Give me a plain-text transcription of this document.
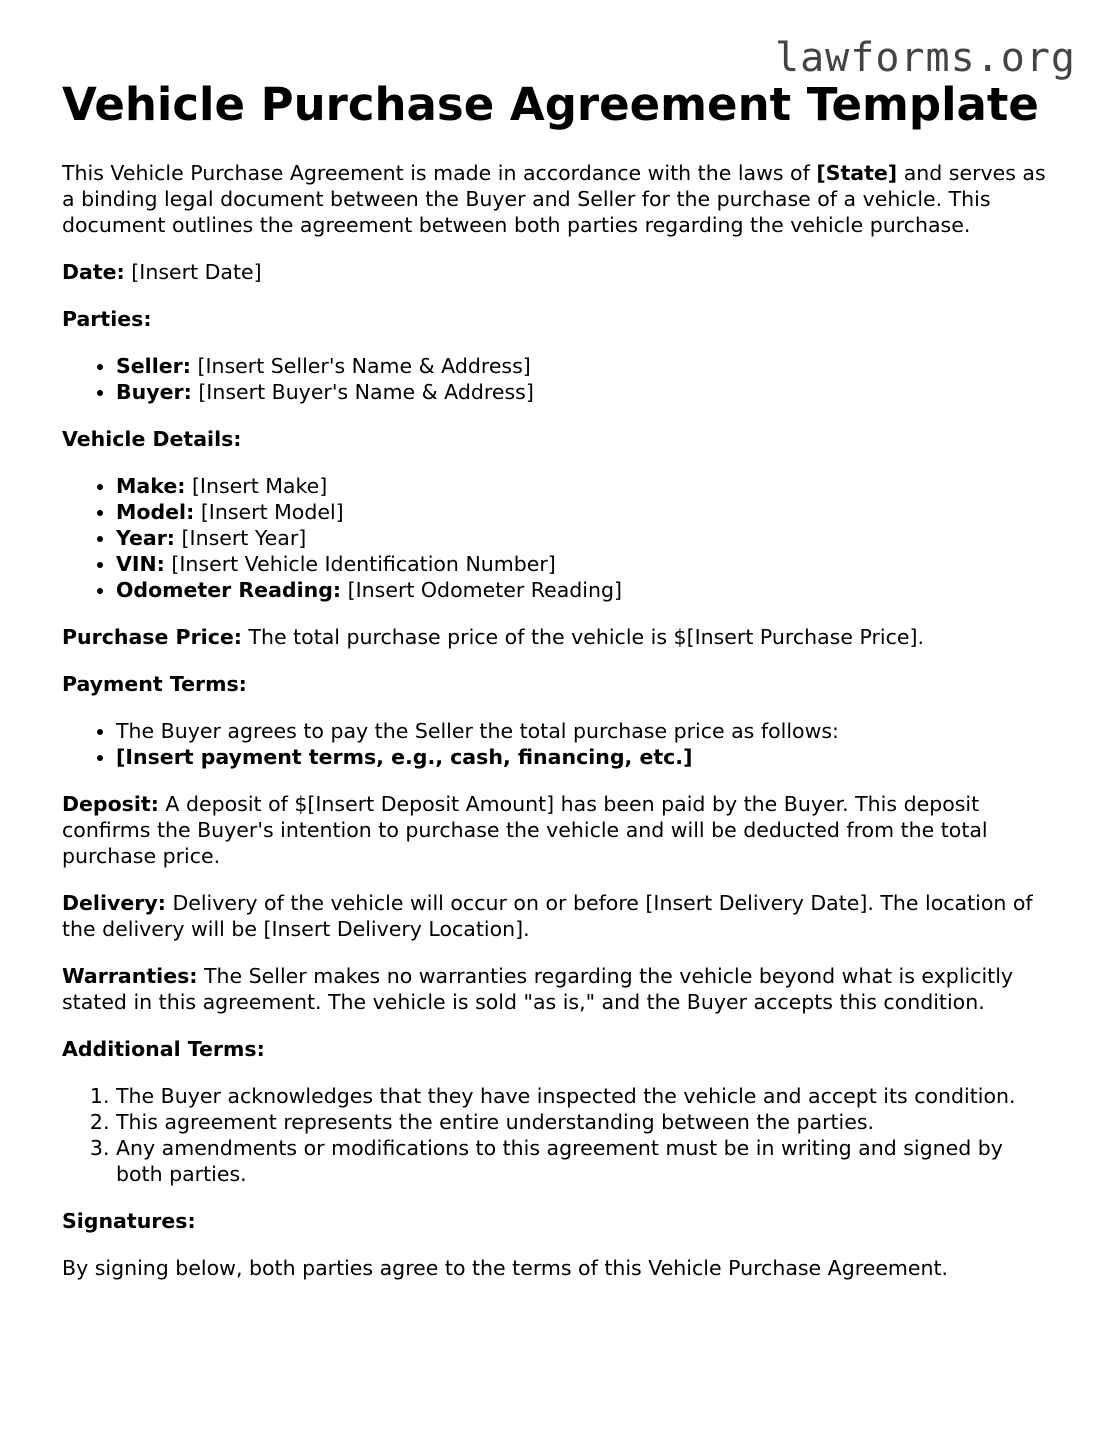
lawforms.org
Vehicle Purchase Agreement Template

This Vehicle Purchase Agreement is made in accordance with the laws of [State] and serves as a binding legal document between the Buyer and Seller for the purchase of a vehicle. This document outlines the agreement between both parties regarding the vehicle purchase.

Date: [Insert Date]

Parties:

• Seller: [Insert Seller's Name & Address]
• Buyer: [Insert Buyer's Name & Address]

Vehicle Details:

• Make: [Insert Make]
• Model: [Insert Model]
• Year: [Insert Year]
• VIN: [Insert Vehicle Identification Number]
• Odometer Reading: [Insert Odometer Reading]

Purchase Price: The total purchase price of the vehicle is $[Insert Purchase Price].

Payment Terms:

• The Buyer agrees to pay the Seller the total purchase price as follows:
• [Insert payment terms, e.g., cash, financing, etc.]

Deposit: A deposit of $[Insert Deposit Amount] has been paid by the Buyer. This deposit confirms the Buyer's intention to purchase the vehicle and will be deducted from the total purchase price.

Delivery: Delivery of the vehicle will occur on or before [Insert Delivery Date]. The location of the delivery will be [Insert Delivery Location].

Warranties: The Seller makes no warranties regarding the vehicle beyond what is explicitly stated in this agreement. The vehicle is sold "as is," and the Buyer accepts this condition.

Additional Terms:

1. The Buyer acknowledges that they have inspected the vehicle and accept its condition.
2. This agreement represents the entire understanding between the parties.
3. Any amendments or modifications to this agreement must be in writing and signed by both parties.

Signatures:

By signing below, both parties agree to the terms of this Vehicle Purchase Agreement.
